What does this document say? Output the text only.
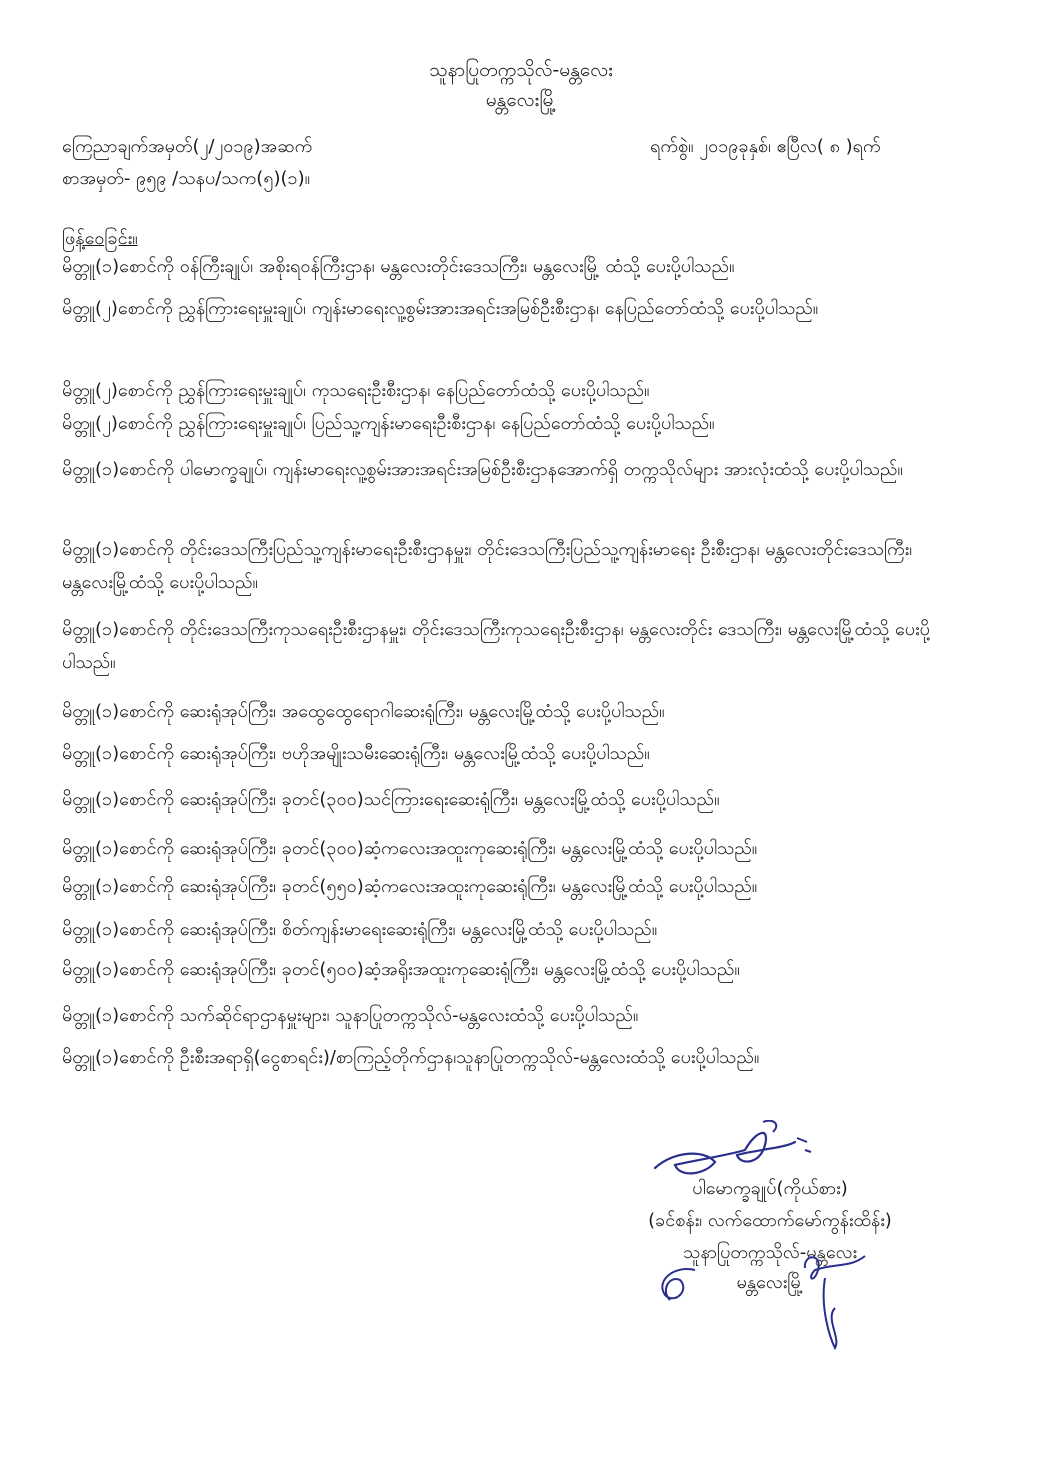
သူနာပြုတက္ကသိုလ်-မန္တလေး
မန္တလေးမြို့
ကြေညာချက်အမှတ်(၂/၂၀၁၉)အဆက်
စာအမှတ်- ၉၅၉ /သနပ/သက(၅)(၁)။
ရက်စွဲ။ ၂၀၁၉ခုနှစ်၊ ဧပြီလ( ၈ )ရက်
ဖြန့်ဝေခြင်း။
မိတ္တူ(၁)စောင်ကို ဝန်ကြီးချုပ်၊ အစိုးရဝန်ကြီးဌာန၊ မန္တလေးတိုင်းဒေသကြီး၊ မန္တလေးမြို့ ထံသို့ ပေးပို့ပါသည်။
မိတ္တူ(၂)စောင်ကို ညွှန်ကြားရေးမှူးချုပ်၊ ကျန်းမာရေးလူ့စွမ်းအားအရင်းအမြစ်ဦးစီးဌာန၊ နေပြည်တော်ထံသို့ ပေးပို့ပါသည်။
မိတ္တူ(၂)စောင်ကို ညွှန်ကြားရေးမှူးချုပ်၊ ကုသရေးဦးစီးဌာန၊ နေပြည်တော်ထံသို့ ပေးပို့ပါသည်။
မိတ္တူ(၂)စောင်ကို ညွှန်ကြားရေးမှူးချုပ်၊ ပြည်သူ့ကျန်းမာရေးဦးစီးဌာန၊ နေပြည်တော်ထံသို့ ပေးပို့ပါသည်။
မိတ္တူ(၁)စောင်ကို ပါမောက္ခချုပ်၊ ကျန်းမာရေးလူ့စွမ်းအားအရင်းအမြစ်ဦးစီးဌာနအောက်ရှိ တက္ကသိုလ်များ အားလုံးထံသို့ ပေးပို့ပါသည်။
မိတ္တူ(၁)စောင်ကို တိုင်းဒေသကြီးပြည်သူ့ကျန်းမာရေးဦးစီးဌာနမှူး၊ တိုင်းဒေသကြီးပြည်သူ့ကျန်းမာရေး ဦးစီးဌာန၊ မန္တလေးတိုင်းဒေသကြီး၊ မန္တလေးမြို့ထံသို့ ပေးပို့ပါသည်။
မိတ္တူ(၁)စောင်ကို တိုင်းဒေသကြီးကုသရေးဦးစီးဌာနမှူး၊ တိုင်းဒေသကြီးကုသရေးဦးစီးဌာန၊ မန္တလေးတိုင်း ဒေသကြီး၊ မန္တလေးမြို့ထံသို့ ပေးပို့ပါသည်။
မိတ္တူ(၁)စောင်ကို ဆေးရုံအုပ်ကြီး၊ အထွေထွေရောဂါဆေးရုံကြီး၊ မန္တလေးမြို့ထံသို့ ပေးပို့ပါသည်။
မိတ္တူ(၁)စောင်ကို ဆေးရုံအုပ်ကြီး၊ ဗဟိုအမျိုးသမီးဆေးရုံကြီး၊ မန္တလေးမြို့ထံသို့ ပေးပို့ပါသည်။
မိတ္တူ(၁)စောင်ကို ဆေးရုံအုပ်ကြီး၊ ခုတင်(၃၀၀)သင်ကြားရေးဆေးရုံကြီး၊ မန္တလေးမြို့ထံသို့ ပေးပို့ပါသည်။
မိတ္တူ(၁)စောင်ကို ဆေးရုံအုပ်ကြီး၊ ခုတင်(၃၀၀)ဆံ့ကလေးအထူးကုဆေးရုံကြီး၊ မန္တလေးမြို့ထံသို့ ပေးပို့ပါသည်။
မိတ္တူ(၁)စောင်ကို ဆေးရုံအုပ်ကြီး၊ ခုတင်(၅၅၀)ဆံ့ကလေးအထူးကုဆေးရုံကြီး၊ မန္တလေးမြို့ထံသို့ ပေးပို့ပါသည်။
မိတ္တူ(၁)စောင်ကို ဆေးရုံအုပ်ကြီး၊ စိတ်ကျန်းမာရေးဆေးရုံကြီး၊ မန္တလေးမြို့ထံသို့ ပေးပို့ပါသည်။
မိတ္တူ(၁)စောင်ကို ဆေးရုံအုပ်ကြီး၊ ခုတင်(၅၀၀)ဆံ့အရိုးအထူးကုဆေးရုံကြီး၊ မန္တလေးမြို့ထံသို့ ပေးပို့ပါသည်။
မိတ္တူ(၁)စောင်ကို သက်ဆိုင်ရာဌာနမှူးများ၊ သူနာပြုတက္ကသိုလ်-မန္တလေးထံသို့ ပေးပို့ပါသည်။
မိတ္တူ(၁)စောင်ကို ဦးစီးအရာရှိ(ငွေစာရင်း)/စာကြည့်တိုက်ဌာန၊သူနာပြုတက္ကသိုလ်-မန္တလေးထံသို့ ပေးပို့ပါသည်။
ပါမောက္ခချုပ်(ကိုယ်စား)
(ခင်စန်း၊ လက်ထောက်မော်ကွန်းထိန်း)
သူနာပြုတက္ကသိုလ်-မန္တလေး
မန္တလေးမြို့
